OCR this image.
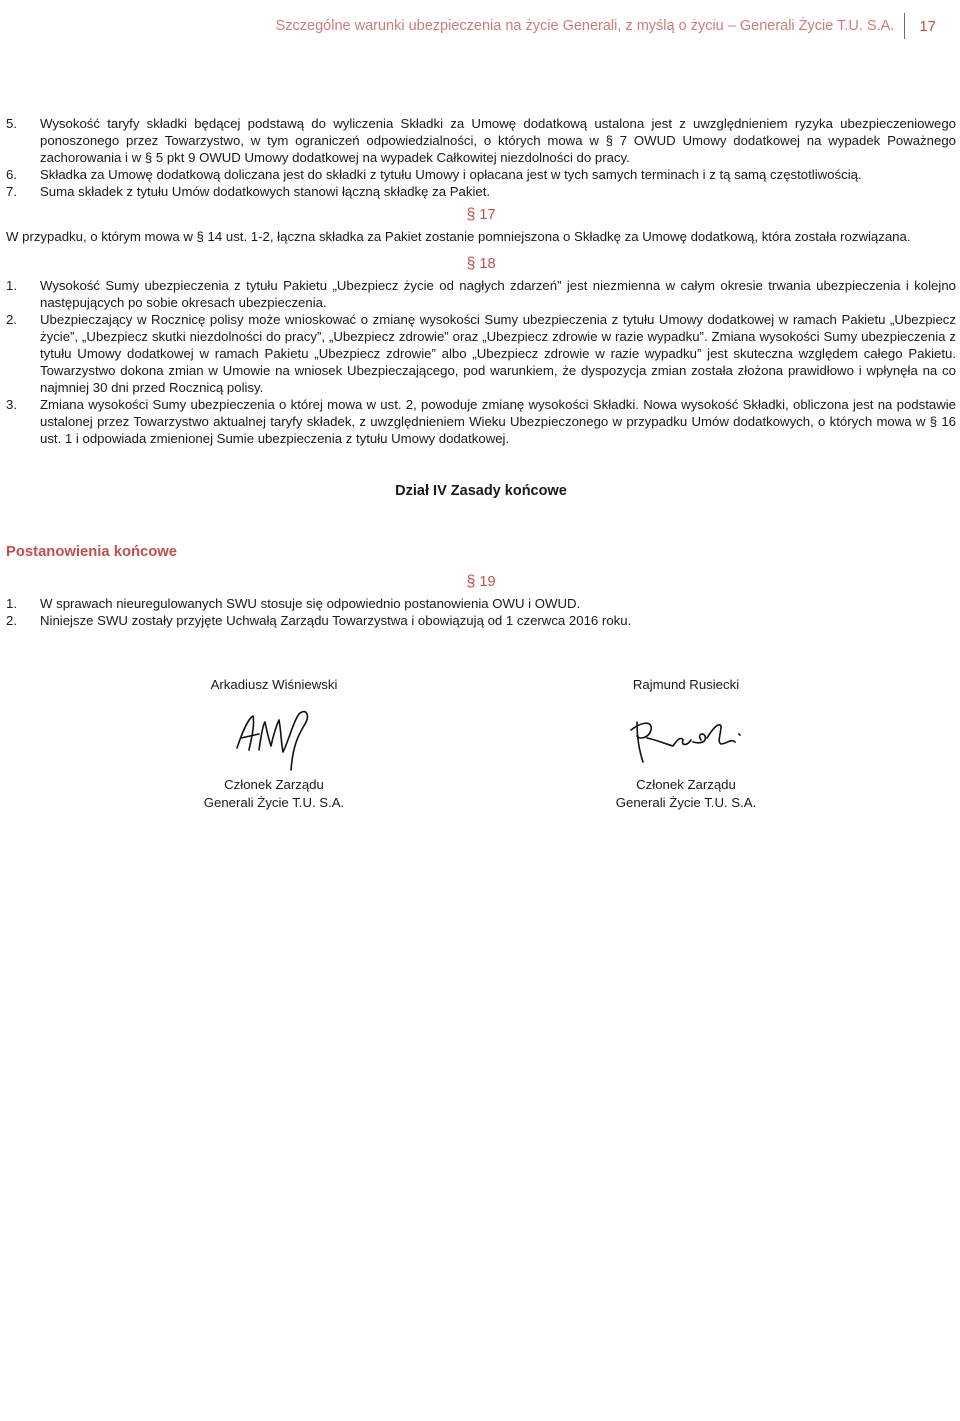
Szczególne warunki ubezpieczenia na życie Generali, z myślą o życiu – Generali Życie T.U. S.A. 17
5.	Wysokość taryfy składki będącej podstawą do wyliczenia Składki za Umowę dodatkową ustalona jest z uwzględnieniem ryzyka ubezpieczeniowego ponoszonego przez Towarzystwo, w tym ograniczeń odpowiedzialności, o których mowa w § 7 OWUD Umowy dodatkowej na wypadek Poważnego zachorowania i w § 5 pkt 9 OWUD Umowy dodatkowej na wypadek Całkowitej niezdolności do pracy.
6.	Składka za Umowę dodatkową doliczana jest do składki z tytułu Umowy i opłacana jest w tych samych terminach i z tą samą częstotliwością.
7.	Suma składek z tytułu Umów dodatkowych stanowi łączną składkę za Pakiet.
§ 17
W przypadku, o którym mowa w § 14 ust. 1-2, łączna składka za Pakiet zostanie pomniejszona o Składkę za Umowę dodatkową, która została rozwiązana.
§ 18
1.	Wysokość Sumy ubezpieczenia z tytułu Pakietu „Ubezpiecz życie od nagłych zdarzeń” jest niezmienna w całym okresie trwania ubezpieczenia i kolejno następujących po sobie okresach ubezpieczenia.
2.	Ubezpieczający w Rocznicę polisy może wnioskować o zmianę wysokości Sumy ubezpieczenia z tytułu Umowy dodatkowej w ramach Pakietu „Ubezpiecz życie”, „Ubezpiecz skutki niezdolności do pracy”, „Ubezpiecz zdrowie” oraz „Ubezpiecz zdrowie w razie wypadku”. Zmiana wysokości Sumy ubezpieczenia z tytułu Umowy dodatkowej w ramach Pakietu „Ubezpiecz zdrowie” albo „Ubezpiecz zdrowie w razie wypadku” jest skuteczna względem całego Pakietu. Towarzystwo dokona zmian w Umowie na wniosek Ubezpieczającego, pod warunkiem, że dyspozycja zmian została złożona prawidłowo i wpłynęła na co najmniej 30 dni przed Rocznicą polisy.
3.	Zmiana wysokości Sumy ubezpieczenia o której mowa w ust. 2, powoduje zmianę wysokości Składki. Nowa wysokość Składki, obliczona jest na podstawie ustalonej przez Towarzystwo aktualnej taryfy składek, z uwzględnieniem Wieku Ubezpieczonego w przypadku Umów dodatkowych, o których mowa w § 16 ust. 1 i odpowiada zmienionej Sumie ubezpieczenia z tytułu Umowy dodatkowej.
Dział IV Zasady końcowe
Postanowienia końcowe
§ 19
1.	W sprawach nieuregulowanych SWU stosuje się odpowiednio postanowienia OWU i OWUD.
2.	Niniejsze SWU zostały przyjęte Uchwałą Zarządu Towarzystwa i obowiązują od 1 czerwca 2016 roku.
Arkadiusz Wiśniewski
Członek Zarządu
Generali Życie T.U. S.A.
Rajmund Rusiecki
Członek Zarządu
Generali Życie T.U. S.A.
